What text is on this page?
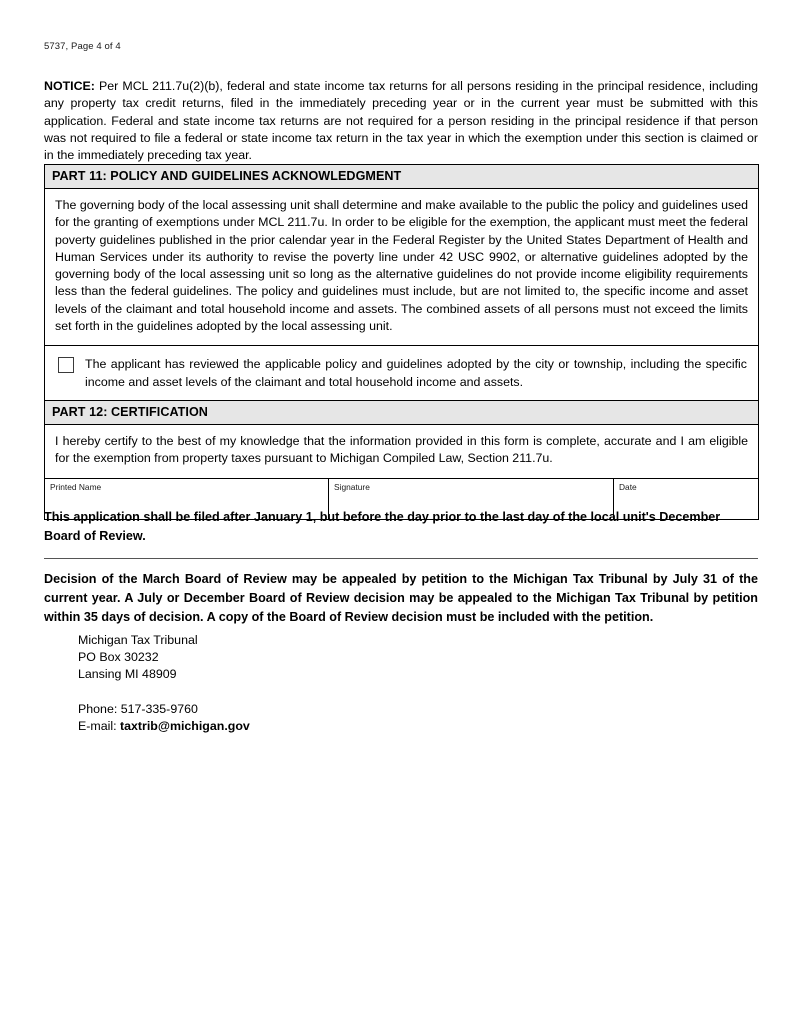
5737, Page 4 of 4
NOTICE: Per MCL 211.7u(2)(b), federal and state income tax returns for all persons residing in the principal residence, including any property tax credit returns, filed in the immediately preceding year or in the current year must be submitted with this application. Federal and state income tax returns are not required for a person residing in the principal residence if that person was not required to file a federal or state income tax return in the tax year in which the exemption under this section is claimed or in the immediately preceding tax year.
PART 11: POLICY AND GUIDELINES ACKNOWLEDGMENT
The governing body of the local assessing unit shall determine and make available to the public the policy and guidelines used for the granting of exemptions under MCL 211.7u. In order to be eligible for the exemption, the applicant must meet the federal poverty guidelines published in the prior calendar year in the Federal Register by the United States Department of Health and Human Services under its authority to revise the poverty line under 42 USC 9902, or alternative guidelines adopted by the governing body of the local assessing unit so long as the alternative guidelines do not provide income eligibility requirements less than the federal guidelines. The policy and guidelines must include, but are not limited to, the specific income and asset levels of the claimant and total household income and assets. The combined assets of all persons must not exceed the limits set forth in the guidelines adopted by the local assessing unit.
The applicant has reviewed the applicable policy and guidelines adopted by the city or township, including the specific income and asset levels of the claimant and total household income and assets.
PART 12: CERTIFICATION
I hereby certify to the best of my knowledge that the information provided in this form is complete, accurate and I am eligible for the exemption from property taxes pursuant to Michigan Compiled Law, Section 211.7u.
Printed Name	Signature	Date
This application shall be filed after January 1, but before the day prior to the last day of the local unit's December Board of Review.
Decision of the March Board of Review may be appealed by petition to the Michigan Tax Tribunal by July 31 of the current year. A July or December Board of Review decision may be appealed to the Michigan Tax Tribunal by petition within 35 days of decision. A copy of the Board of Review decision must be included with the petition.
Michigan Tax Tribunal
PO Box 30232
Lansing MI 48909
Phone: 517-335-9760
E-mail: taxtrib@michigan.gov
